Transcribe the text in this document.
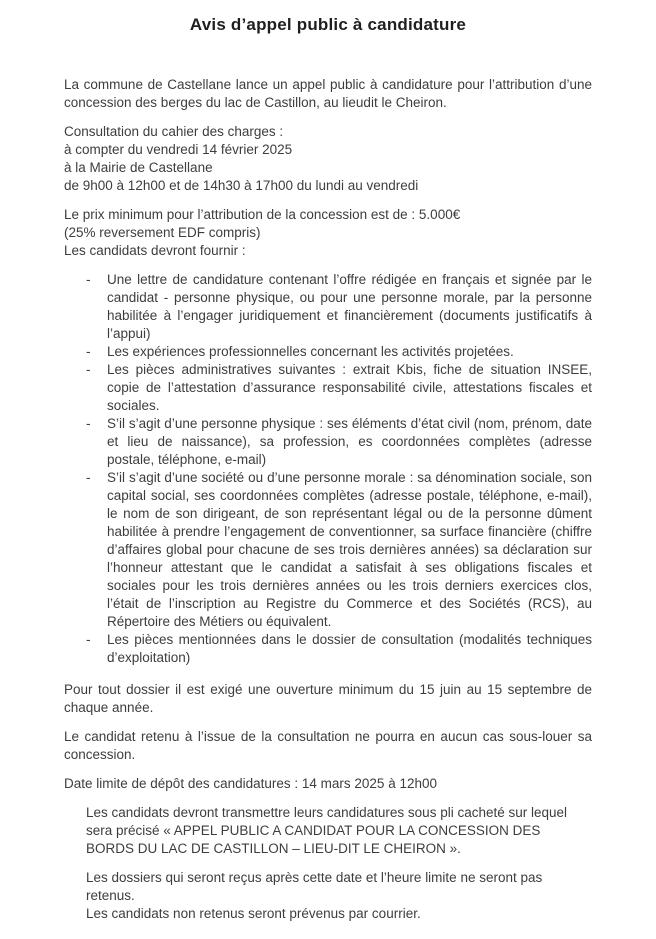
Avis d’appel public à candidature

La commune de Castellane lance un appel public à candidature pour l’attribution d’une concession des berges du lac de Castillon, au lieudit le Cheiron.

Consultation du cahier des charges :

à compter du vendredi 14 février 2025

à la Mairie de Castellane

de 9h00 à 12h00 et de 14h30 à 17h00 du lundi au vendredi

Le prix minimum pour l’attribution de la concession est de : 5.000€

(25% reversement EDF compris)

Les candidats devront fournir :

-	Une lettre de candidature contenant l’offre rédigée en français et signée par le candidat - personne physique, ou pour une personne morale, par la personne habilitée à l’engager juridiquement et financièrement (documents justificatifs à l’appui)
-	Les expériences professionnelles concernant les activités projetées.
-	Les pièces administratives suivantes : extrait Kbis, fiche de situation INSEE, copie de l’attestation d’assurance responsabilité civile, attestations fiscales et sociales.
-	S’il s’agit d’une personne physique : ses éléments d’état civil (nom, prénom, date et lieu de naissance), sa profession, es coordonnées complètes (adresse postale, téléphone, e-mail)
-	S’il s’agit d’une société ou d’une personne morale : sa dénomination sociale, son capital social, ses coordonnées complètes (adresse postale, téléphone, e-mail), le nom de son dirigeant, de son représentant légal ou de la personne dûment habilitée à prendre l’engagement de conventionner, sa surface financière (chiffre d’affaires global pour chacune de ses trois dernières années) sa déclaration sur l’honneur attestant que le candidat a satisfait à ses obligations fiscales et sociales pour les trois dernières années ou les trois derniers exercices clos, l’était de l’inscription au Registre du Commerce et des Sociétés (RCS), au Répertoire des Métiers ou équivalent.
-	Les pièces mentionnées dans le dossier de consultation (modalités techniques d’exploitation)

Pour tout dossier il est exigé une ouverture minimum du 15 juin au 15 septembre de chaque année.

Le candidat retenu à l’issue de la consultation ne pourra en aucun cas sous-louer sa concession.

Date limite de dépôt des candidatures : 14 mars 2025 à 12h00

Les candidats devront transmettre leurs candidatures sous pli cacheté sur lequel sera précisé « APPEL PUBLIC A CANDIDAT POUR LA CONCESSION DES BORDS DU LAC DE CASTILLON – LIEU-DIT LE CHEIRON ».

Les dossiers qui seront reçus après cette date et l’heure limite ne seront pas retenus.

Les candidats non retenus seront prévenus par courrier.
